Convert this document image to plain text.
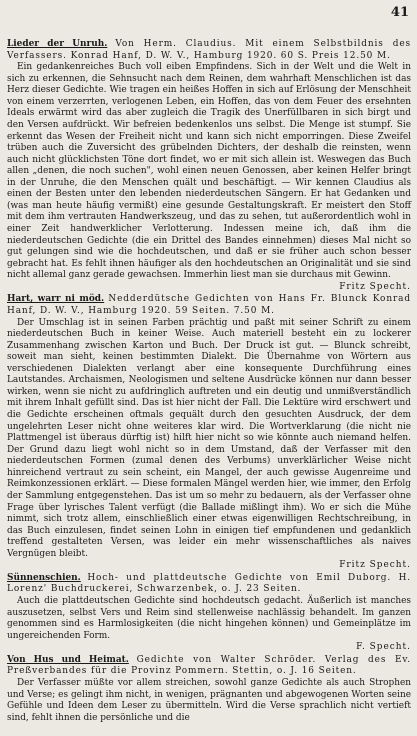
41

Lieder der Unruh. Von Herm. Claudius. Mit einem Selbstbildnis des Verfassers. Konrad Hanf, D. W. V., Hamburg 1920. 60 S. Preis 12.50 M.

Ein gedankenreiches Buch voll eiben Empfindens. Sich in der Welt und die Welt in sich zu erkennen, die Sehnsucht nach dem Reinen, dem wahrhaft Menschlichen ist das Herz dieser Gedichte. Wie tragen ein heißes Hoffen in sich auf Erlösung der Menschheit von einem verzerrten, verlogenen Leben, ein Hoffen, das von dem Feuer des ersehnten Ideals erwärmt wird das aber zugleich die Tragik des Unerfüllbaren in sich birgt und den Versen aufdrückt. Wir befreien bedenkenlos uns selbst. Die Menge ist stumpf. Sie erkennt das Wesen der Freiheit nicht und kann sich nicht emporringen. Diese Zweifel trüben auch die Zuversicht des grübelnden Dichters, der deshalb die reinsten, wenn auch nicht glücklichsten Töne dort findet, wo er mit sich allein ist. Weswegen das Buch allen „denen, die noch suchen", wohl einen neuen Genossen, aber keinen Helfer bringt in der Unruhe, die den Menschen quält und beschäftigt. — Wir kennen Claudius als einen der Besten unter den lebenden niederdeutschen Sängern. Er hat Gedanken und (was man heute häufig vermißt) eine gesunde Gestaltungskraft. Er meistert den Stoff mit dem ihm vertrauten Handwerkszeug, und das zu sehen, tut außerordentlich wohl in einer Zeit handwerklicher Verlotterung. Indessen meine ich, daß ihm die niederdeutschen Gedichte (die ein Drittel des Bandes einnehmen) dieses Mal nicht so gut gelungen sind wie die hochdeutschen, und daß er sie früher auch schon besser gebracht hat. Es fehlt ihnen häufiger als den hochdeutschen an Originalität und sie sind nicht allemal ganz gerade gewachsen. Immerhin liest man sie durchaus mit Gewinn.

Fritz Specht.

Hart, warr ni möd. Nedderdütsche Gedichten von Hans Fr. Blunck Konrad Hanf, D. W. V., Hamburg 1920. 59 Seiten. 7.50 M.

Der Umschlag ist in seinen Farben prächtig und paßt mit seiner Schrift zu einem niederdeutschen Buch in keiner Weise. Auch materiell besteht ein zu lockerer Zusammenhang zwischen Karton und Buch. Der Druck ist gut. — Blunck schreibt, soweit man sieht, keinen bestimmten Dialekt. Die Übernahme von Wörtern aus verschiedenen Dialekten verlangt aber eine konsequente Durchführung eines Lautstandes. Archaismen, Neologismen und seltene Ausdrücke können nur dann besser wirken, wenn sie nicht zu aufdringlich auftreten und ein deutig und unmißverständlich mit ihrem Inhalt gefüllt sind. Das ist hier nicht der Fall. Die Lektüre wird erschwert und die Gedichte erscheinen oftmals gequält durch den gesuchten Ausdruck, der dem ungelehrten Leser nicht ohne weiteres klar wird. Die Wortverklarung (die nicht nie Plattmengel ist überaus dürftig ist) hilft hier nicht so wie könnte auch niemand helfen. Der Grund dazu liegt wohl nicht so in dem Umstand, daß der Verfasser mit den niederdeutschen Formen (zumal denen des Verbums) unverklärlicher Weise nicht hinreichend vertraut zu sein scheint, ein Mangel, der auch gewisse Augenreime und Reimkonzessionen erklärt. — Diese formalen Mängel werden hier, wie immer, den Erfolg der Sammlung entgegenstehen. Das ist um so mehr zu bedauern, als der Verfasser ohne Frage über lyrisches Talent verfügt (die Ballade mißlingt ihm). Wo er sich die Mühe nimmt, sich trotz allem, einschließlich einer etwas eigenwilligen Rechtschreibung, in das Buch einzulesen, findet seinen Lohn in einigen tief empfundenen und gedanklich treffend gestalteten Versen, was leider ein mehr wissenschaftliches als naives Vergnügen bleibt.

Fritz Specht.

Sünnenschien. Hoch- und plattdeutsche Gedichte von Emil Duborg. H. Lorenz' Buchdruckerei, Schwarzenbek, o. J. 23 Seiten.

Auch die plattdeutschen Gedichte sind hochdeutsch gedacht. Äußerlich ist manches auszusetzen, selbst Vers und Reim sind stellenweise nachlässig behandelt. Im ganzen genommen sind es Harmlosigkeiten (die nicht hingehen können) und Gemeinplätze im ungereichenden Form.

F. Specht.

Von Hus und Heimat. Gedichte von Walter Schröder. Verlag des Ev. Preßverbandes für die Provinz Pommern. Stettin, o. J. 16 Seiten.

Der Verfasser müßte vor allem streichen, sowohl ganze Gedichte als auch Strophen und Verse; es gelingt ihm nicht, in wenigen, prägnanten und abgewogenen Worten seine Gefühle und Ideen dem Leser zu übermitteln. Wird die Verse sprachlich nicht vertieft sind, fehlt ihnen die persönliche und die
